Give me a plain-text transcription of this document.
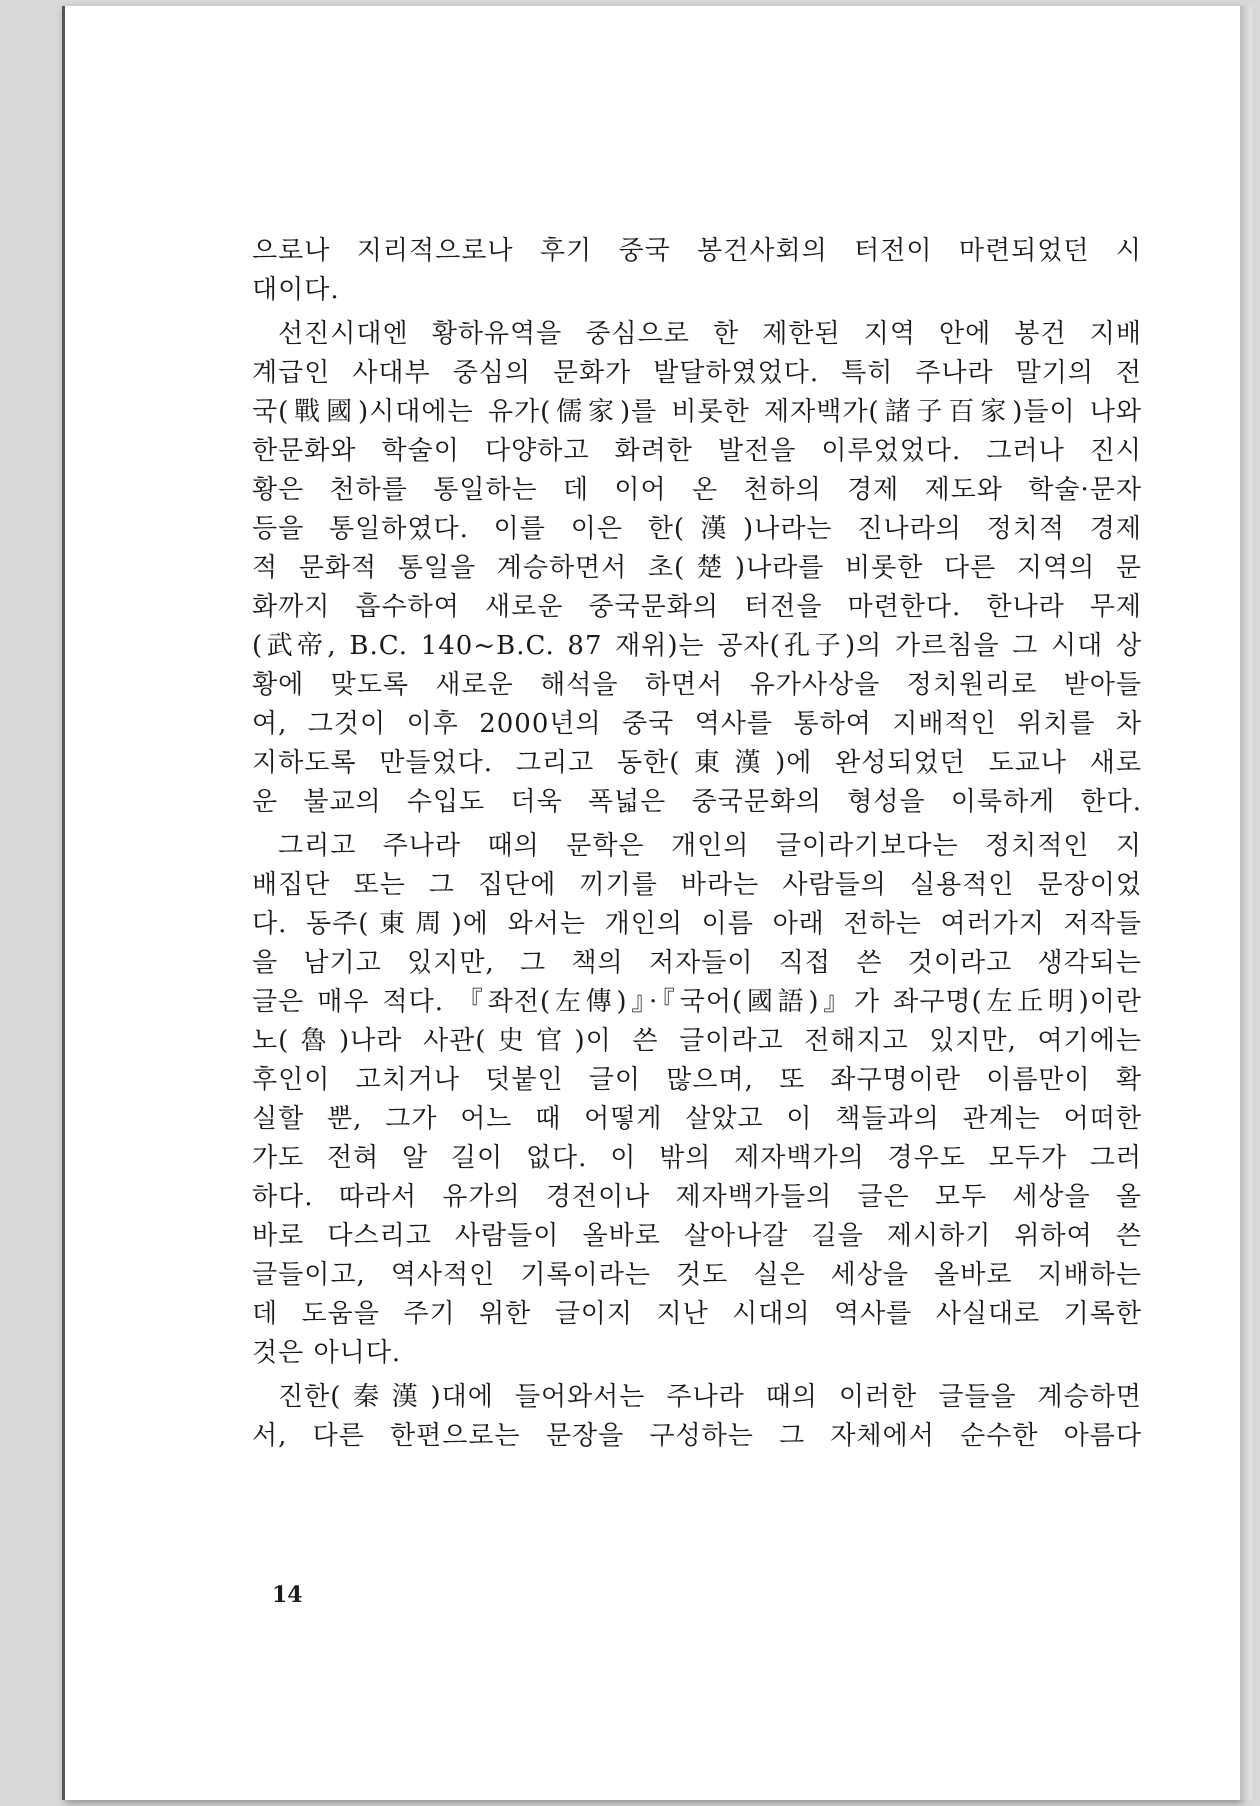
으로나 지리적으로나 후기 중국 봉건사회의 터전이 마련되었던 시
대이다.
선진시대엔 황하유역을 중심으로 한 제한된 지역 안에 봉건 지배
계급인 사대부 중심의 문화가 발달하였었다. 특히 주나라 말기의 전
국(戰國)시대에는 유가(儒家)를 비롯한 제자백가(諸子百家)들이 나와
한문화와 학술이 다양하고 화려한 발전을 이루었었다. 그러나 진시
황은 천하를 통일하는 데 이어 온 천하의 경제 제도와 학술·문자
등을 통일하였다. 이를 이은 한(漢)나라는 진나라의 정치적 경제
적 문화적 통일을 계승하면서 초(楚)나라를 비롯한 다른 지역의 문
화까지 흡수하여 새로운 중국문화의 터전을 마련한다. 한나라 무제
(武帝, B.C. 140~B.C. 87 재위)는 공자(孔子)의 가르침을 그 시대 상
황에 맞도록 새로운 해석을 하면서 유가사상을 정치원리로 받아들
여, 그것이 이후 2000년의 중국 역사를 통하여 지배적인 위치를 차
지하도록 만들었다. 그리고 동한(東漢)에 완성되었던 도교나 새로
운 불교의 수입도 더욱 폭넓은 중국문화의 형성을 이룩하게 한다.
그리고 주나라 때의 문학은 개인의 글이라기보다는 정치적인 지
배집단 또는 그 집단에 끼기를 바라는 사람들의 실용적인 문장이었
다. 동주(東周)에 와서는 개인의 이름 아래 전하는 여러가지 저작들
을 남기고 있지만, 그 책의 저자들이 직접 쓴 것이라고 생각되는
글은 매우 적다. 『좌전(左傳)』·『국어(國語)』가 좌구명(左丘明)이란
노(魯)나라 사관(史官)이 쓴 글이라고 전해지고 있지만, 여기에는
후인이 고치거나 덧붙인 글이 많으며, 또 좌구명이란 이름만이 확
실할 뿐, 그가 어느 때 어떻게 살았고 이 책들과의 관계는 어떠한
가도 전혀 알 길이 없다. 이 밖의 제자백가의 경우도 모두가 그러
하다. 따라서 유가의 경전이나 제자백가들의 글은 모두 세상을 올
바로 다스리고 사람들이 올바로 살아나갈 길을 제시하기 위하여 쓴
글들이고, 역사적인 기록이라는 것도 실은 세상을 올바로 지배하는
데 도움을 주기 위한 글이지 지난 시대의 역사를 사실대로 기록한
것은 아니다.
진한(秦漢)대에 들어와서는 주나라 때의 이러한 글들을 계승하면
서, 다른 한편으로는 문장을 구성하는 그 자체에서 순수한 아름다
14
